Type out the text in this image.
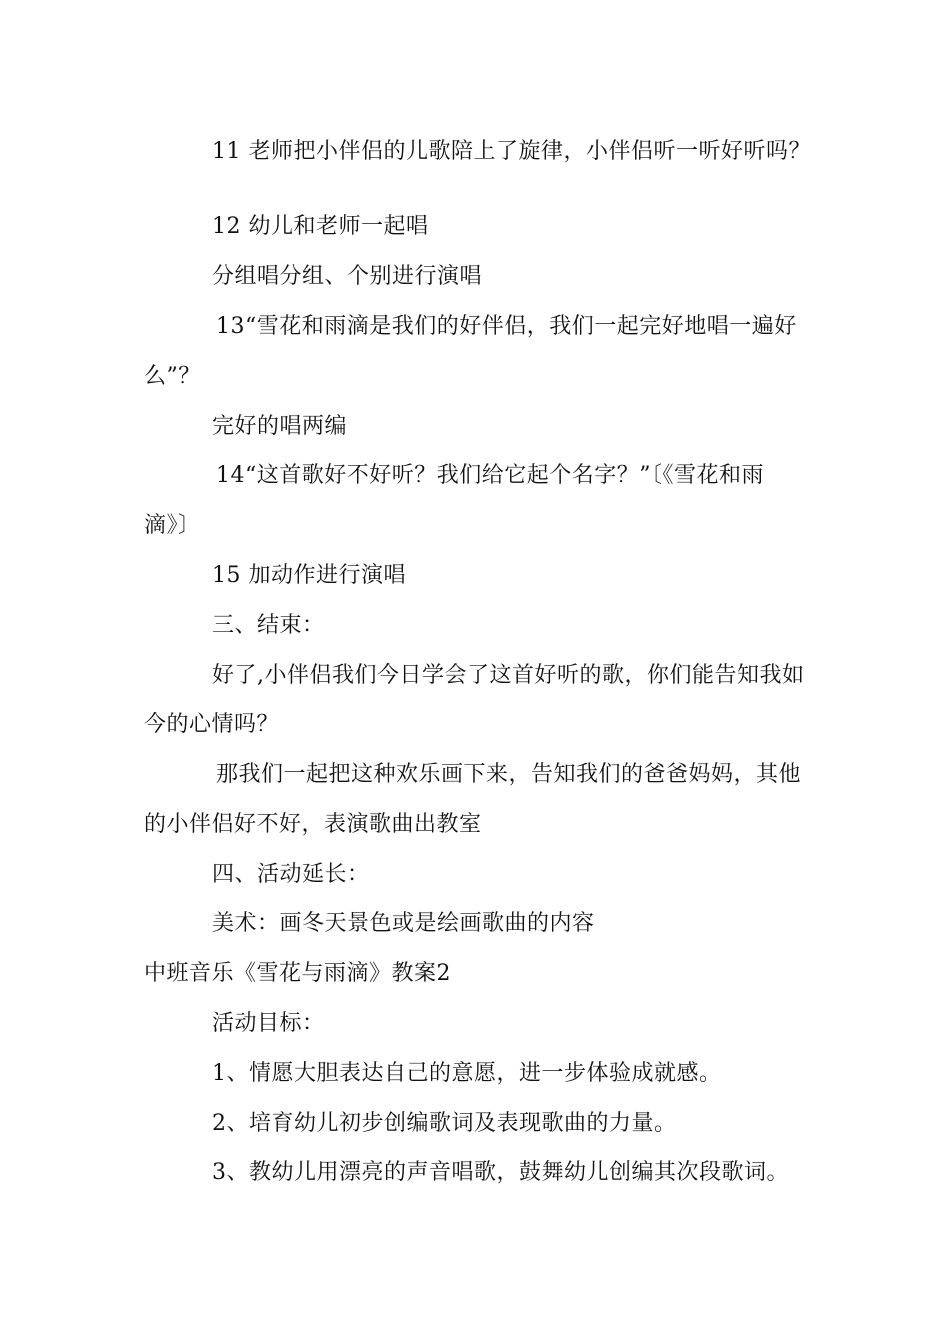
11 老师把小伴侣的儿歌陪上了旋律，小伴侣听一听好听吗？
12 幼儿和老师一起唱
分组唱分组、个别进行演唱
13“雪花和雨滴是我们的好伴侣，我们一起完好地唱一遍好
么”？
完好的唱两编
14“这首歌好不好听？我们给它起个名字？”〔《雪花和雨
滴》〕
15 加动作进行演唱
三、结束：
好了,小伴侣我们今日学会了这首好听的歌，你们能告知我如
今的心情吗？
那我们一起把这种欢乐画下来，告知我们的爸爸妈妈，其他
的小伴侣好不好，表演歌曲出教室
四、活动延长：
美术：画冬天景色或是绘画歌曲的内容
中班音乐《雪花与雨滴》教案2
活动目标：
1、情愿大胆表达自己的意愿，进一步体验成就感。
2、培育幼儿初步创编歌词及表现歌曲的力量。
3、教幼儿用漂亮的声音唱歌，鼓舞幼儿创编其次段歌词。
